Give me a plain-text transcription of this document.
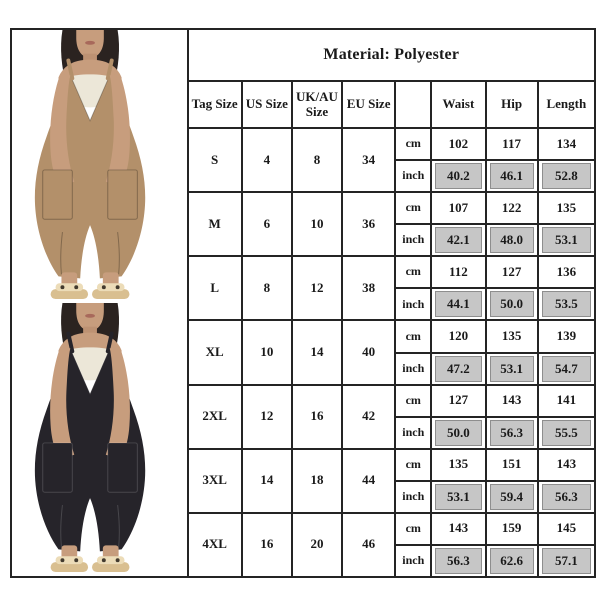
	Material: Polyester							
	Tag Size	US Size	UK/AU Size	EU Size		Waist	Hip	Length
	S	4	8	34	cm	102	117	134
					inch	40.2	46.1	52.8

	M	6	10	36	cm	107	122	135
					inch	42.1	48.0	53.1

	L	8	12	38	cm	112	127	136
					inch	44.1	50.0	53.5

	XL	10	14	40	cm	120	135	139
					inch	47.2	53.1	54.7

	2XL	12	16	42	cm	127	143	141
					inch	50.0	56.3	55.5

	3XL	14	18	44	cm	135	151	143
					inch	53.1	59.4	56.3

	4XL	16	20	46	cm	143	159	145
					inch	56.3	62.6	57.1
